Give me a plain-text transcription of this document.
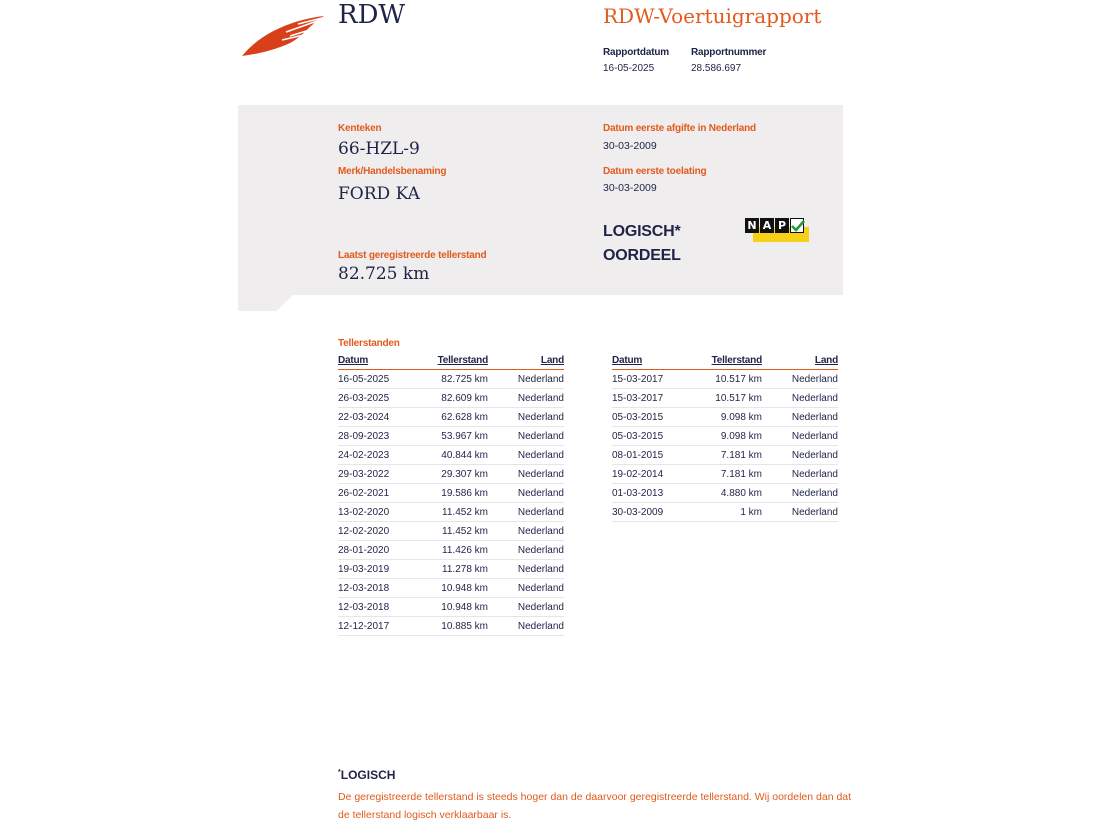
RDW	RDW-Voertuigrapport
Rapportdatum
16-05-2025
Rapportnummer
28.586.697
Kenteken
66-HZL-9
Merk/Handelsbenaming
FORD KA
Datum eerste afgifte in Nederland
30-03-2009
Datum eerste toelating
30-03-2009
LOGISCH*
OORDEEL
N A P
Laatst geregistreerde tellerstand
82.725 km
Tellerstanden
Datum	Tellerstand	Land
16-05-2025	82.725 km	Nederland
26-03-2025	82.609 km	Nederland
22-03-2024	62.628 km	Nederland
28-09-2023	53.967 km	Nederland
24-02-2023	40.844 km	Nederland
29-03-2022	29.307 km	Nederland
26-02-2021	19.586 km	Nederland
13-02-2020	11.452 km	Nederland
12-02-2020	11.452 km	Nederland
28-01-2020	11.426 km	Nederland
19-03-2019	11.278 km	Nederland
12-03-2018	10.948 km	Nederland
12-03-2018	10.948 km	Nederland
12-12-2017	10.885 km	Nederland
Datum	Tellerstand	Land
15-03-2017	10.517 km	Nederland
15-03-2017	10.517 km	Nederland
05-03-2015	9.098 km	Nederland
05-03-2015	9.098 km	Nederland
08-01-2015	7.181 km	Nederland
19-02-2014	7.181 km	Nederland
01-03-2013	4.880 km	Nederland
30-03-2009	1 km	Nederland
*LOGISCH
De geregistreerde tellerstand is steeds hoger dan de daarvoor geregistreerde tellerstand. Wij oordelen dan dat de tellerstand logisch verklaarbaar is.
